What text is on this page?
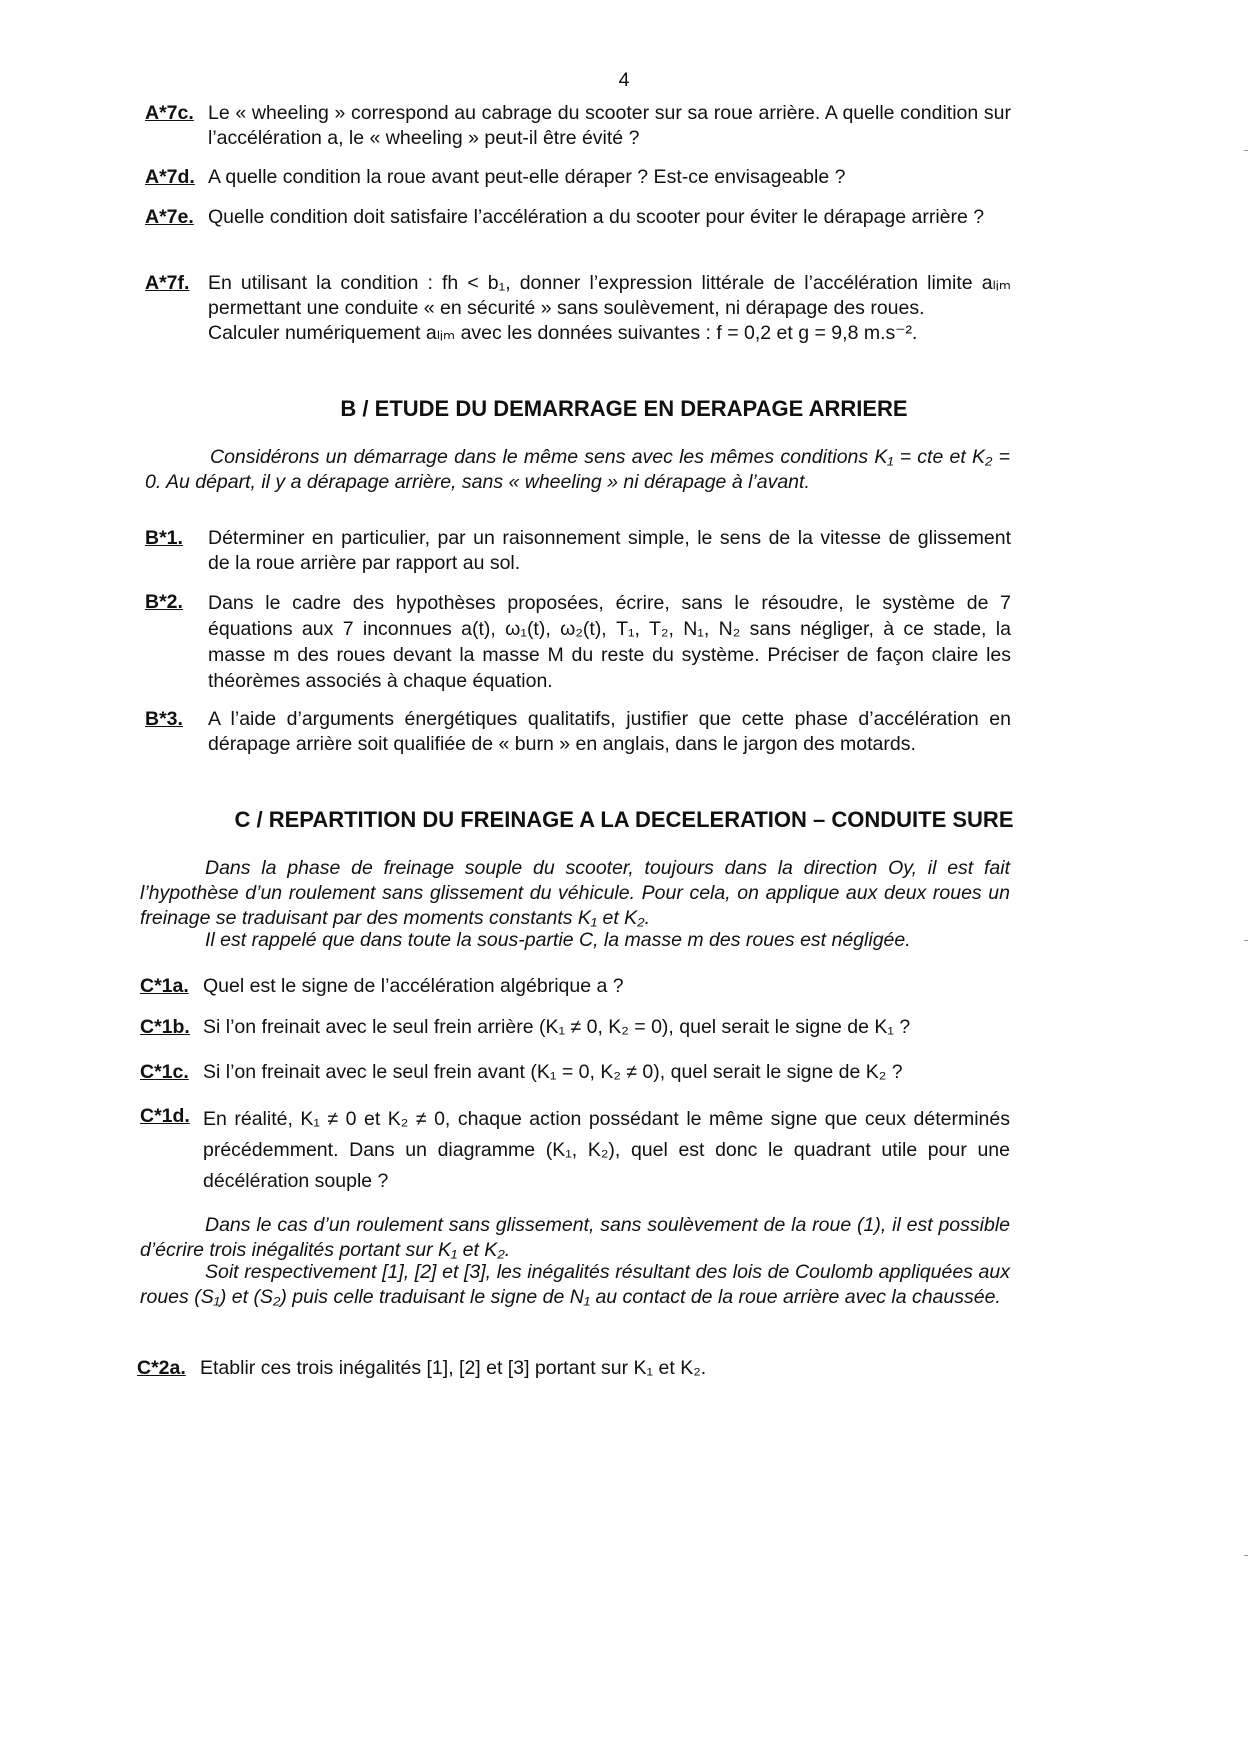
4
A*7c. Le « wheeling » correspond au cabrage du scooter sur sa roue arrière. A quelle condition sur l’accélération a, le « wheeling » peut-il être évité ?
A*7d. A quelle condition la roue avant peut-elle déraper ? Est-ce envisageable ?
A*7e. Quelle condition doit satisfaire l’accélération a du scooter pour éviter le dérapage arrière ?
A*7f. En utilisant la condition : fh < b₁, donner l’expression littérale de l’accélération limite aₗᵢₘ permettant une conduite « en sécurité » sans soulèvement, ni dérapage des roues.
Calculer numériquement aₗᵢₘ avec les données suivantes : f = 0,2 et g = 9,8 m.s⁻².
B / ETUDE DU DEMARRAGE EN DERAPAGE ARRIERE
Considérons un démarrage dans le même sens avec les mêmes conditions K₁ = cte et K₂ = 0. Au départ, il y a dérapage arrière, sans « wheeling » ni dérapage à l’avant.
B*1. Déterminer en particulier, par un raisonnement simple, le sens de la vitesse de glissement de la roue arrière par rapport au sol.
B*2. Dans le cadre des hypothèses proposées, écrire, sans le résoudre, le système de 7 équations aux 7 inconnues a(t), ω₁(t), ω₂(t), T₁, T₂, N₁, N₂ sans négliger, à ce stade, la masse m des roues devant la masse M du reste du système. Préciser de façon claire les théorèmes associés à chaque équation.
B*3. A l’aide d’arguments énergétiques qualitatifs, justifier que cette phase d’accélération en dérapage arrière soit qualifiée de « burn » en anglais, dans le jargon des motards.
C / REPARTITION DU FREINAGE A LA DECELERATION – CONDUITE SURE
Dans la phase de freinage souple du scooter, toujours dans la direction Oy, il est fait l’hypothèse d’un roulement sans glissement du véhicule. Pour cela, on applique aux deux roues un freinage se traduisant par des moments constants K₁ et K₂.
Il est rappelé que dans toute la sous-partie C, la masse m des roues est négligée.
C*1a. Quel est le signe de l’accélération algébrique a ?
C*1b. Si l’on freinait avec le seul frein arrière (K₁ ≠ 0, K₂ = 0), quel serait le signe de K₁ ?
C*1c. Si l’on freinait avec le seul frein avant (K₁ = 0, K₂ ≠ 0), quel serait le signe de K₂ ?
C*1d. En réalité, K₁ ≠ 0 et K₂ ≠ 0, chaque action possédant le même signe que ceux déterminés précédemment. Dans un diagramme (K₁, K₂), quel est donc le quadrant utile pour une décélération souple ?
Dans le cas d’un roulement sans glissement, sans soulèvement de la roue (1), il est possible d’écrire trois inégalités portant sur K₁ et K₂.
Soit respectivement [1], [2] et [3], les inégalités résultant des lois de Coulomb appliquées aux roues (S₁) et (S₂) puis celle traduisant le signe de N₁ au contact de la roue arrière avec la chaussée.
C*2a. Etablir ces trois inégalités [1], [2] et [3] portant sur K₁ et K₂.
